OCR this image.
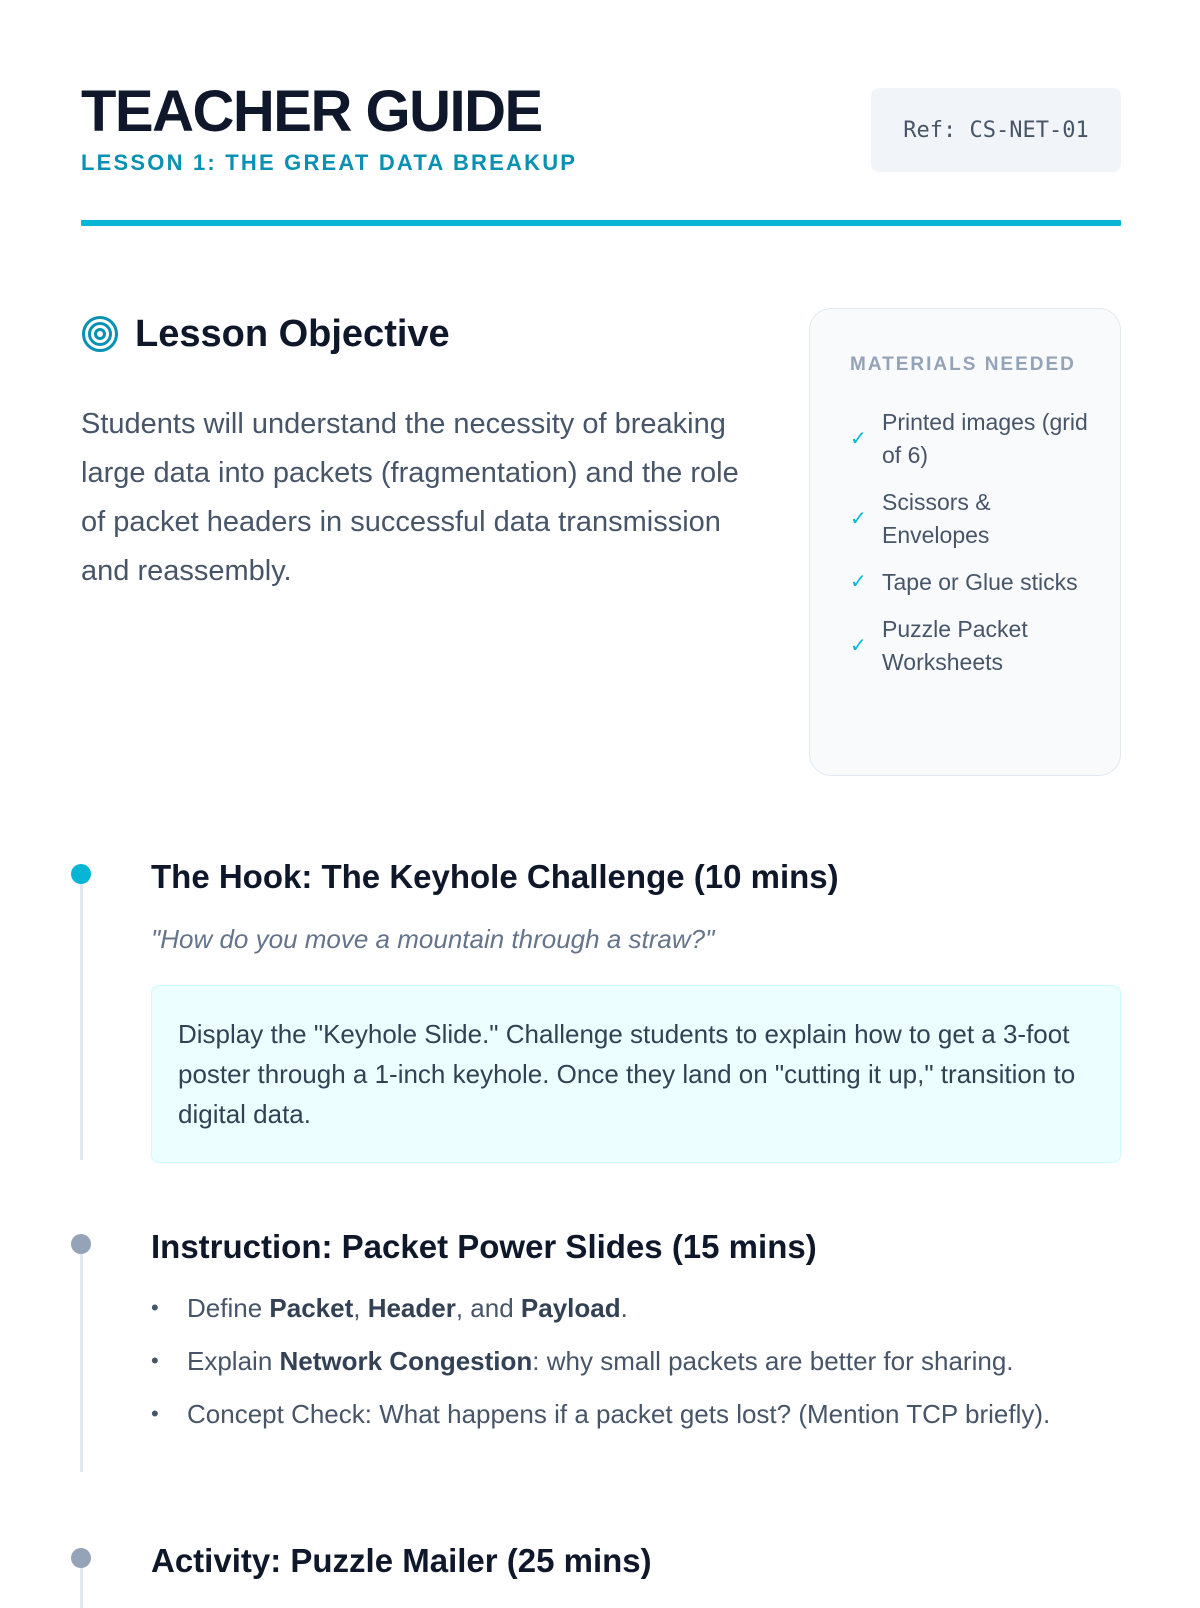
TEACHER GUIDE
LESSON 1: THE GREAT DATA BREAKUP
Ref: CS-NET-01
Lesson Objective

Students will understand the necessity of breaking large data into packets (fragmentation) and the role of packet headers in successful data transmission and reassembly.

MATERIALS NEEDED
✓
Printed images (grid of 6)
✓
Scissors & Envelopes
✓ Tape or Glue sticks
✓
Puzzle Packet Worksheets
The Hook: The Keyhole Challenge (10 mins)
"How do you move a mountain through a straw?"
Display the "Keyhole Slide." Challenge students to explain how to get a 3-foot poster through a 1-inch keyhole. Once they land on "cutting it up," transition to digital data.
Instruction: Packet Power Slides (15 mins)
• Define Packet, Header, and Payload.
• Explain Network Congestion: why small packets are better for sharing.
• Concept Check: What happens if a packet gets lost? (Mention TCP briefly).
Activity: Puzzle Mailer (25 mins)
